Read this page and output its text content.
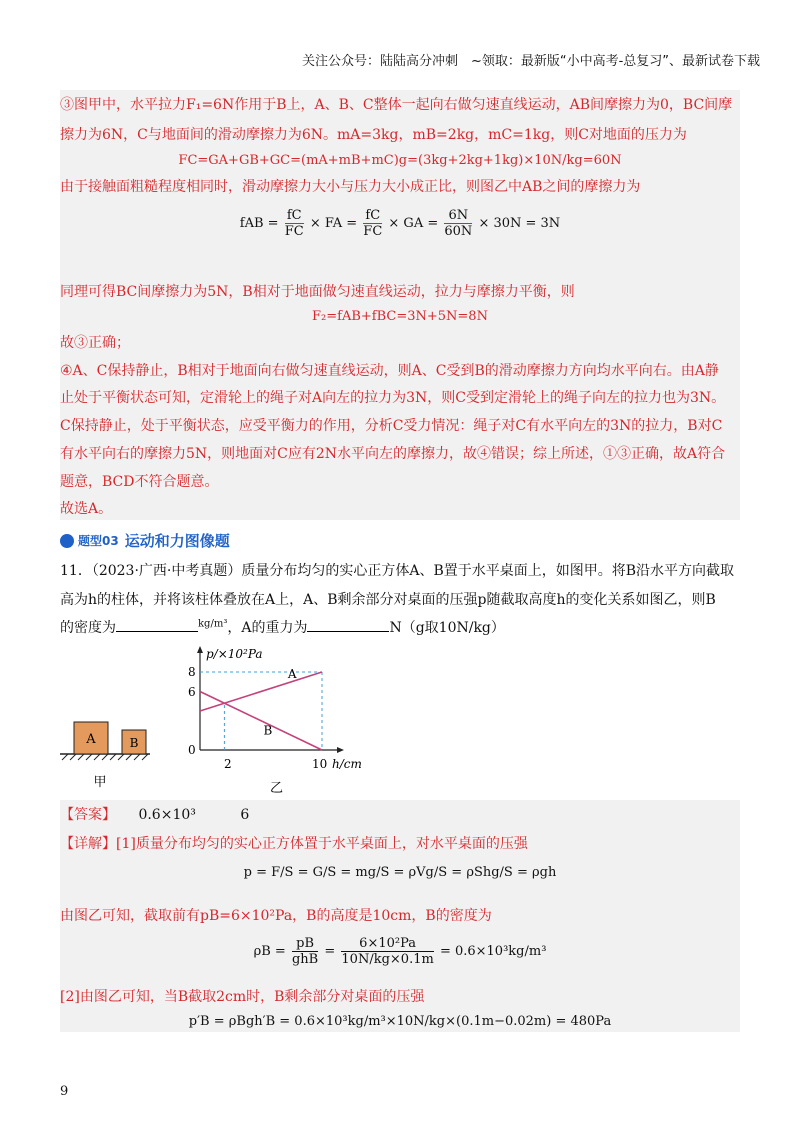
关注公众号：陆陆高分冲刺　~领取：最新版“小中高考-总复习”、最新试卷下载
③图甲中，水平拉力F₁=6N作用于B上，A、B、C整体一起向右做匀速直线运动，AB间摩擦力为0，BC间摩
擦力为6N，C与地面间的滑动摩擦力为6N。mA=3kg，mB=2kg，mC=1kg，则C对地面的压力为
FC=GA+GB+GC=(mA+mB+mC)g=(3kg+2kg+1kg)×10N/kg=60N
由于接触面粗糙程度相同时，滑动摩擦力大小与压力大小成正比，则图乙中AB之间的摩擦力为
fAB = $\frac{fC}{FC}$ × FA = $\frac{fC}{FC}$ × GA = $\frac{6N}{60N} \times 30N = 3N$
同理可得BC间摩擦力为5N，B相对于地面做匀速直线运动，拉力与摩擦力平衡，则
F₂=fAB+fBC=3N+5N=8N
故③正确；
④A、C保持静止，B相对于地面向右做匀速直线运动，则A、C受到B的滑动摩擦力方向均水平向右。由A静
止处于平衡状态可知，定滑轮上的绳子对A向左的拉力为3N，则C受到定滑轮上的绳子向左的拉力也为3N。
C保持静止，处于平衡状态，应受平衡力的作用，分析C受力情况：绳子对C有水平向左的3N的拉力，B对C
有水平向右的摩擦力5N，则地面对C应有2N水平向左的摩擦力，故④错误；综上所述，①③正确，故A符合
题意，BCD不符合题意。
故选A。
题型03 运动和力图像题
11．（2023·广西·中考真题）质量分布均匀的实心正方体A、B置于水平桌面上，如图甲。将B沿水平方向截取
高为h的柱体，并将该柱体叠放在A上，A、B剩余部分对桌面的压强p随截取高度h的变化关系如图乙，则B
的密度为	$^{kg/m^3}$，A的重力为	N（g取10N/kg）
A	B
甲
p/×10²Pa
h/cm
8
6
0
2	10
乙
A
B
【答案】 0.6×10³	6
【详解】[1]质量分布均匀的实心正方体置于水平桌面上，对水平桌面的压强
p = F/S = G/S = mg/S = ρVg/S = ρShg/S = ρgh
由图乙可知，截取前有pB=6×10²Pa，B的高度是10cm，B的密度为
$\rho B = \frac{pB}{\text{ghB}} = \frac{\text{6×10²Pa}}{10N/kg\times 0.1m} = 0.6\times 10^3kg/m^3$
[2]由图乙可知，当B截取2cm时，B剩余部分对桌面的压强
p′B = ρBgh′B = 0.6×10³kg/m³×10N/kg×(0.1m−0.02m) = 480Pa
9
